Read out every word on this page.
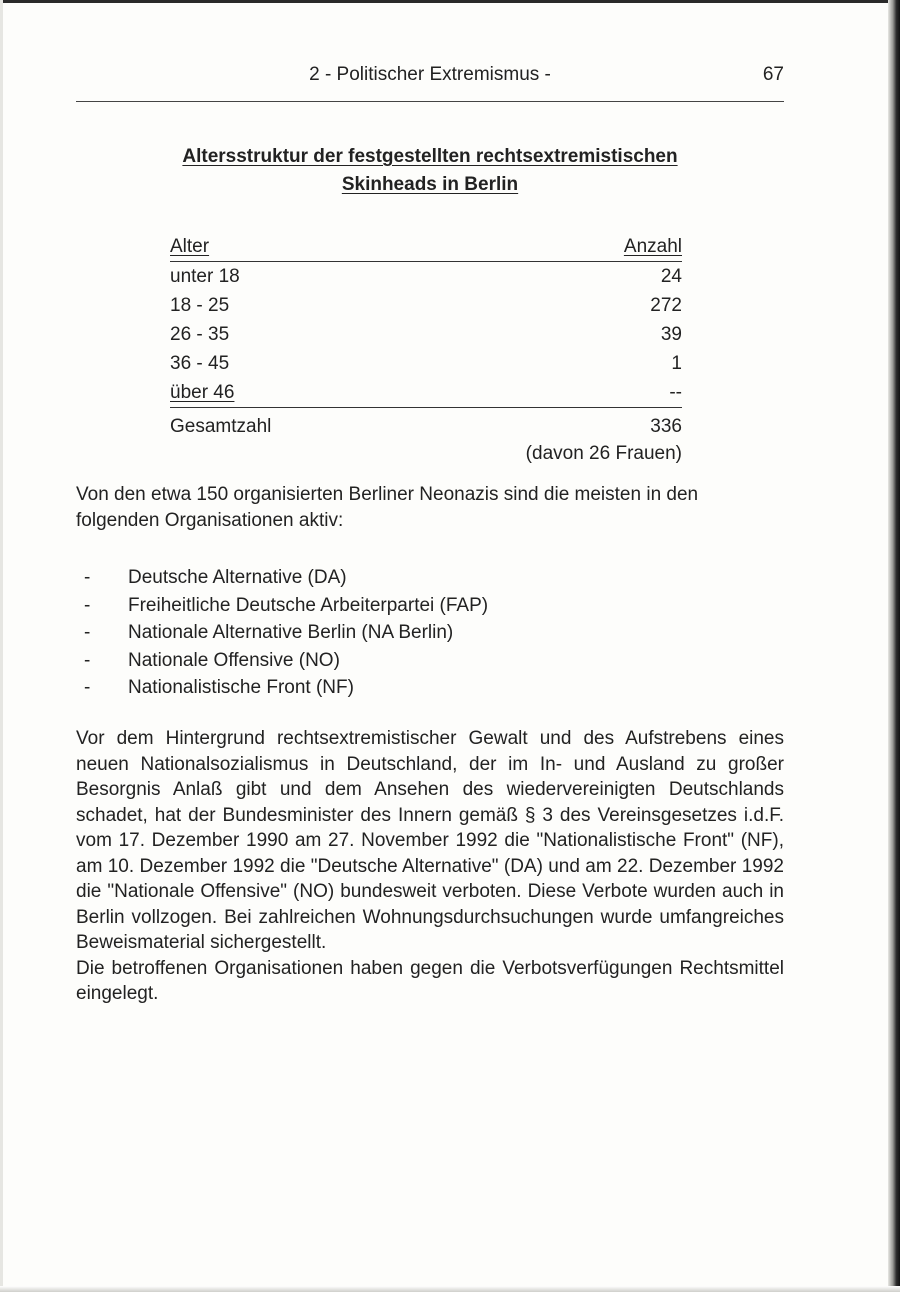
2 - Politischer Extremismus -	67
Altersstruktur der festgestellten rechtsextremistischen
Skinheads in Berlin
Alter	Anzahl
unter 18	24
18 - 25	272
26 - 35	39
36 - 45	1
über 46	--
Gesamtzahl	336
(davon 26 Frauen)
Von den etwa 150 organisierten Berliner Neonazis sind die meisten in den folgenden Organisationen aktiv:
- Deutsche Alternative (DA)
- Freiheitliche Deutsche Arbeiterpartei (FAP)
- Nationale Alternative Berlin (NA Berlin)
- Nationale Offensive (NO)
- Nationalistische Front (NF)

Vor dem Hintergrund rechtsextremistischer Gewalt und des Aufstrebens eines neuen Nationalsozialismus in Deutschland, der im In- und Ausland zu großer Besorgnis Anlaß gibt und dem Ansehen des wiedervereinigten Deutschlands schadet, hat der Bundesminister des Innern gemäß § 3 des Vereinsgesetzes i.d.F. vom 17. Dezember 1990 am 27. November 1992 die "Nationalistische Front" (NF), am 10. Dezember 1992 die "Deutsche Alternative" (DA) und am 22. Dezember 1992 die "Nationale Offensive" (NO) bundesweit verboten. Diese Verbote wurden auch in Berlin vollzogen. Bei zahlreichen Wohnungsdurchsuchungen wurde umfangreiches Beweismaterial sichergestellt.

Die betroffenen Organisationen haben gegen die Verbotsverfügungen Rechtsmittel eingelegt.
